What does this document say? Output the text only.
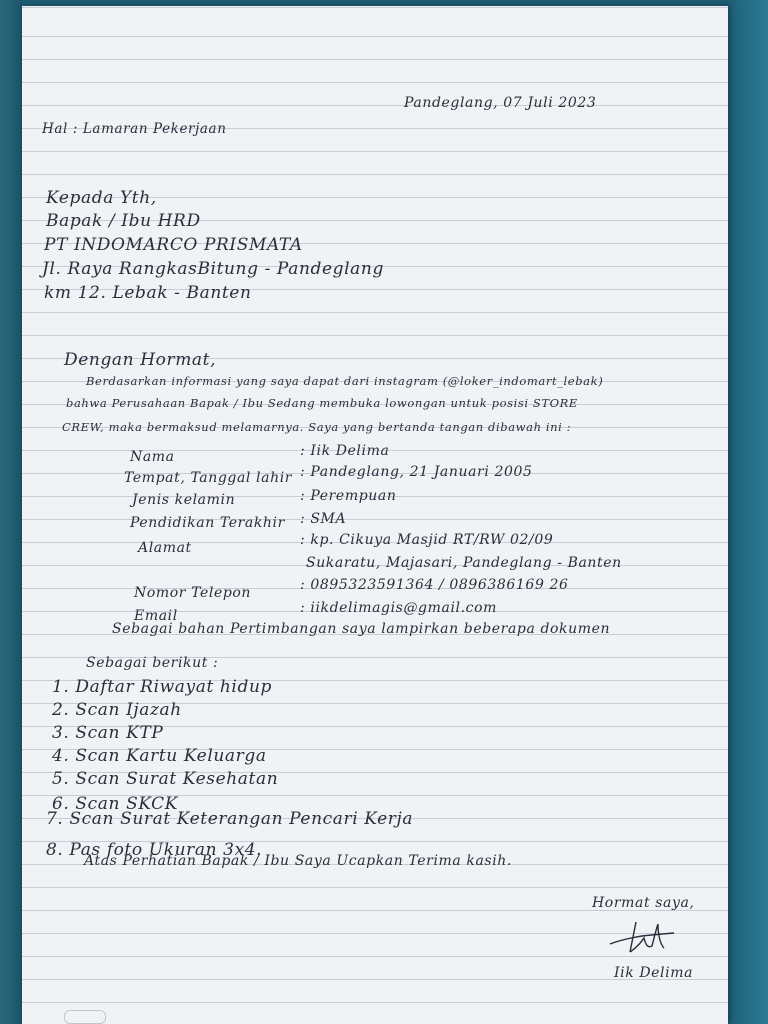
Pandeglang, 07 Juli 2023
Hal : Lamaran Pekerjaan
Kepada Yth,
Bapak / Ibu HRD
PT INDOMARCO PRISMATA
Jl. Raya RangkasBitung - Pandeglang
km 12. Lebak - Banten
Dengan Hormat,
Berdasarkan informasi yang saya dapat dari instagram (@loker_indomart_lebak)
bahwa Perusahaan Bapak / Ibu Sedang membuka lowongan untuk posisi STORE
CREW, maka bermaksud melamarnya. Saya yang bertanda tangan dibawah ini :
Nama	: Iik Delima
Tempat, Tanggal lahir : Pandeglang, 21 Januari 2005
Jenis kelamin	: Perempuan
Pendidikan Terakhir : SMA
Alamat	: kp. Cikuya Masjid RT/RW 02/09
Sukaratu, Majasari, Pandeglang - Banten
Nomor Telepon	: 0895323591364 / 0896386169 26
Email	: iikdelimagis@gmail.com
Sebagai bahan Pertimbangan saya lampirkan beberapa dokumen
Sebagai berikut :
1. Daftar Riwayat hidup
2. Scan Ijazah
3. Scan KTP
4. Scan Kartu Keluarga
5. Scan Surat Kesehatan
6. Scan SKCK
7. Scan Surat Keterangan Pencari Kerja
8. Pas foto Ukuran 3x4.
Atas Perhatian Bapak / Ibu Saya Ucapkan Terima kasih.
Hormat saya,
Iik Delima
